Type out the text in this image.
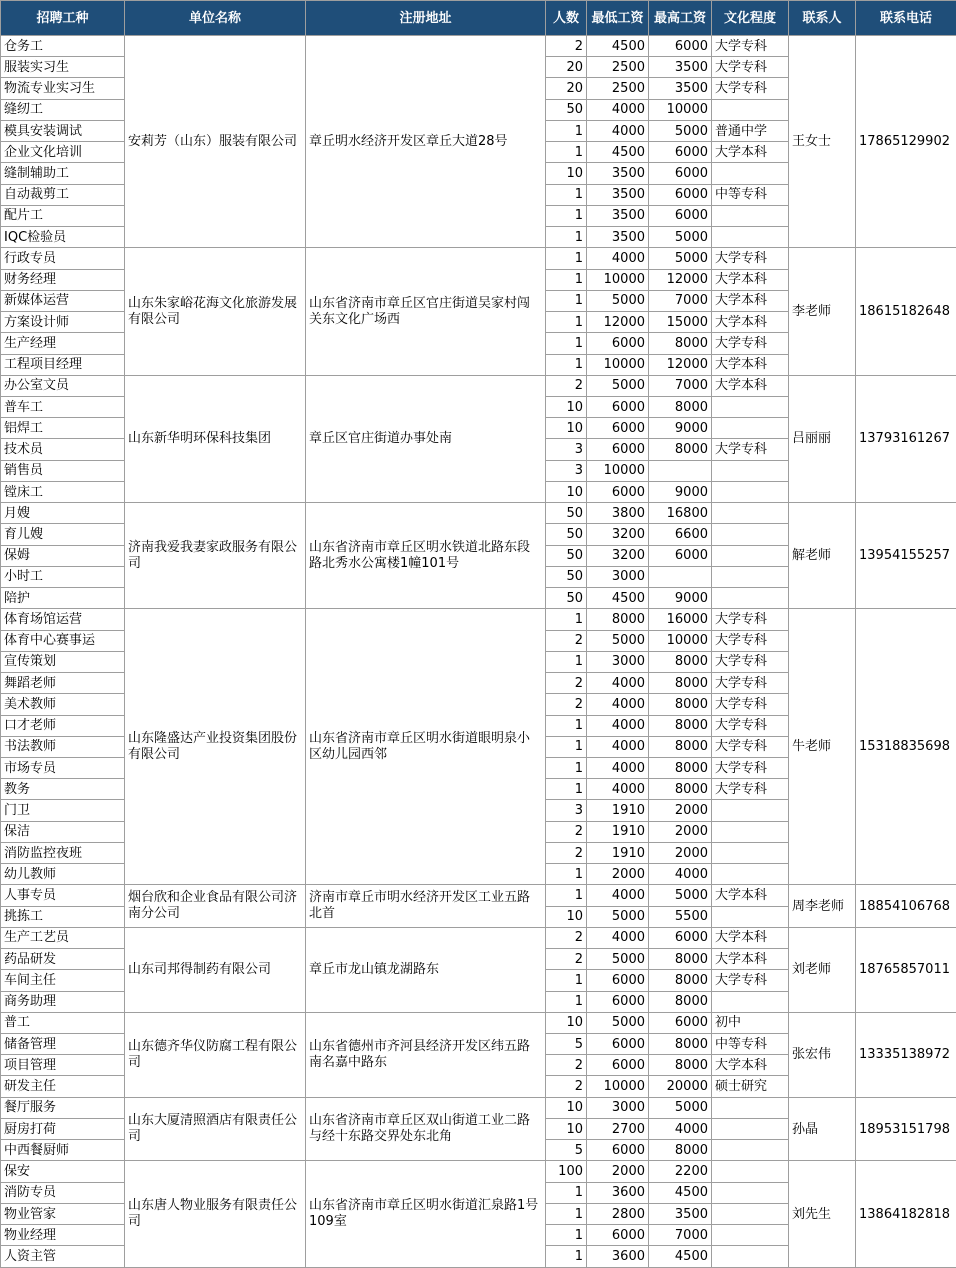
招聘工种	单位名称	注册地址	人数	最低工资	最高工资	文化程度	联系人	联系电话
仓务工	安莉芳（山东）服装有限公司	章丘明水经济开发区章丘大道28号	2	4500	6000	大学专科	王女士	17865129902
服装实习生			20	2500	3500	大学专科		
物流专业实习生			20	2500	3500	大学专科		
缝纫工			50	4000	10000			
模具安装调试			1	4000	5000	普通中学		
企业文化培训			1	4500	6000	大学本科		
缝制辅助工			10	3500	6000			
自动裁剪工			1	3500	6000	中等专科		
配片工			1	3500	6000			
IQC检验员			1	3500	5000			
行政专员	山东朱家峪花海文化旅游发展有限公司	山东省济南市章丘区官庄街道吴家村闯关东文化广场西	1	4000	5000	大学专科	李老师	18615182648
财务经理			1	10000	12000	大学本科		
新媒体运营			1	5000	7000	大学本科		
方案设计师			1	12000	15000	大学本科		
生产经理			1	6000	8000	大学专科		
工程项目经理			1	10000	12000	大学本科		
办公室文员	山东新华明环保科技集团	章丘区官庄街道办事处南	2	5000	7000	大学本科	吕丽丽	13793161267
普车工			10	6000	8000			
铝焊工			10	6000	9000			
技术员			3	6000	8000	大学专科		
销售员			3	10000				
镗床工			10	6000	9000			
月嫂	济南我爱我妻家政服务有限公司	山东省济南市章丘区明水铁道北路东段路北秀水公寓楼1幢101号	50	3800	16800		解老师	13954155257
育儿嫂			50	3200	6600			
保姆			50	3200	6000			
小时工			50	3000				
陪护			50	4500	9000			
体育场馆运营	山东隆盛达产业投资集团股份有限公司	山东省济南市章丘区明水街道眼明泉小区幼儿园西邻	1	8000	16000	大学专科	牛老师	15318835698
体育中心赛事运			2	5000	10000	大学专科		
宣传策划			1	3000	8000	大学专科		
舞蹈老师			2	4000	8000	大学专科		
美术教师			2	4000	8000	大学专科		
口才老师			1	4000	8000	大学专科		
书法教师			1	4000	8000	大学专科		
市场专员			1	4000	8000	大学专科		
教务			1	4000	8000	大学专科		
门卫			3	1910	2000			
保洁			2	1910	2000			
消防监控夜班			2	1910	2000			
幼儿教师			1	2000	4000			
人事专员	烟台欣和企业食品有限公司济南分公司	济南市章丘市明水经济开发区工业五路北首	1	4000	5000	大学本科	周李老师	18854106768
挑拣工			10	5000	5500			
生产工艺员	山东司邦得制药有限公司	章丘市龙山镇龙湖路东	2	4000	6000	大学本科	刘老师	18765857011
药品研发			2	5000	8000	大学本科		
车间主任			1	6000	8000	大学专科		
商务助理			1	6000	8000			
普工	山东德齐华仪防腐工程有限公司	山东省德州市齐河县经济开发区纬五路南名嘉中路东	10	5000	6000	初中	张宏伟	13335138972
储备管理			5	6000	8000	中等专科		
项目管理			2	6000	8000	大学本科		
研发主任			2	10000	20000	硕士研究		
餐厅服务	山东大厦清照酒店有限责任公司	山东省济南市章丘区双山街道工业二路与经十东路交界处东北角	10	3000	5000		孙晶	18953151798
厨房打荷			10	2700	4000			
中西餐厨师			5	6000	8000			
保安	山东唐人物业服务有限责任公司	山东省济南市章丘区明水街道汇泉路1号109室	100	2000	2200		刘先生	13864182818
消防专员			1	3600	4500			
物业管家			1	2800	3500			
物业经理			1	6000	7000			
人资主管			1	3600	4500			
